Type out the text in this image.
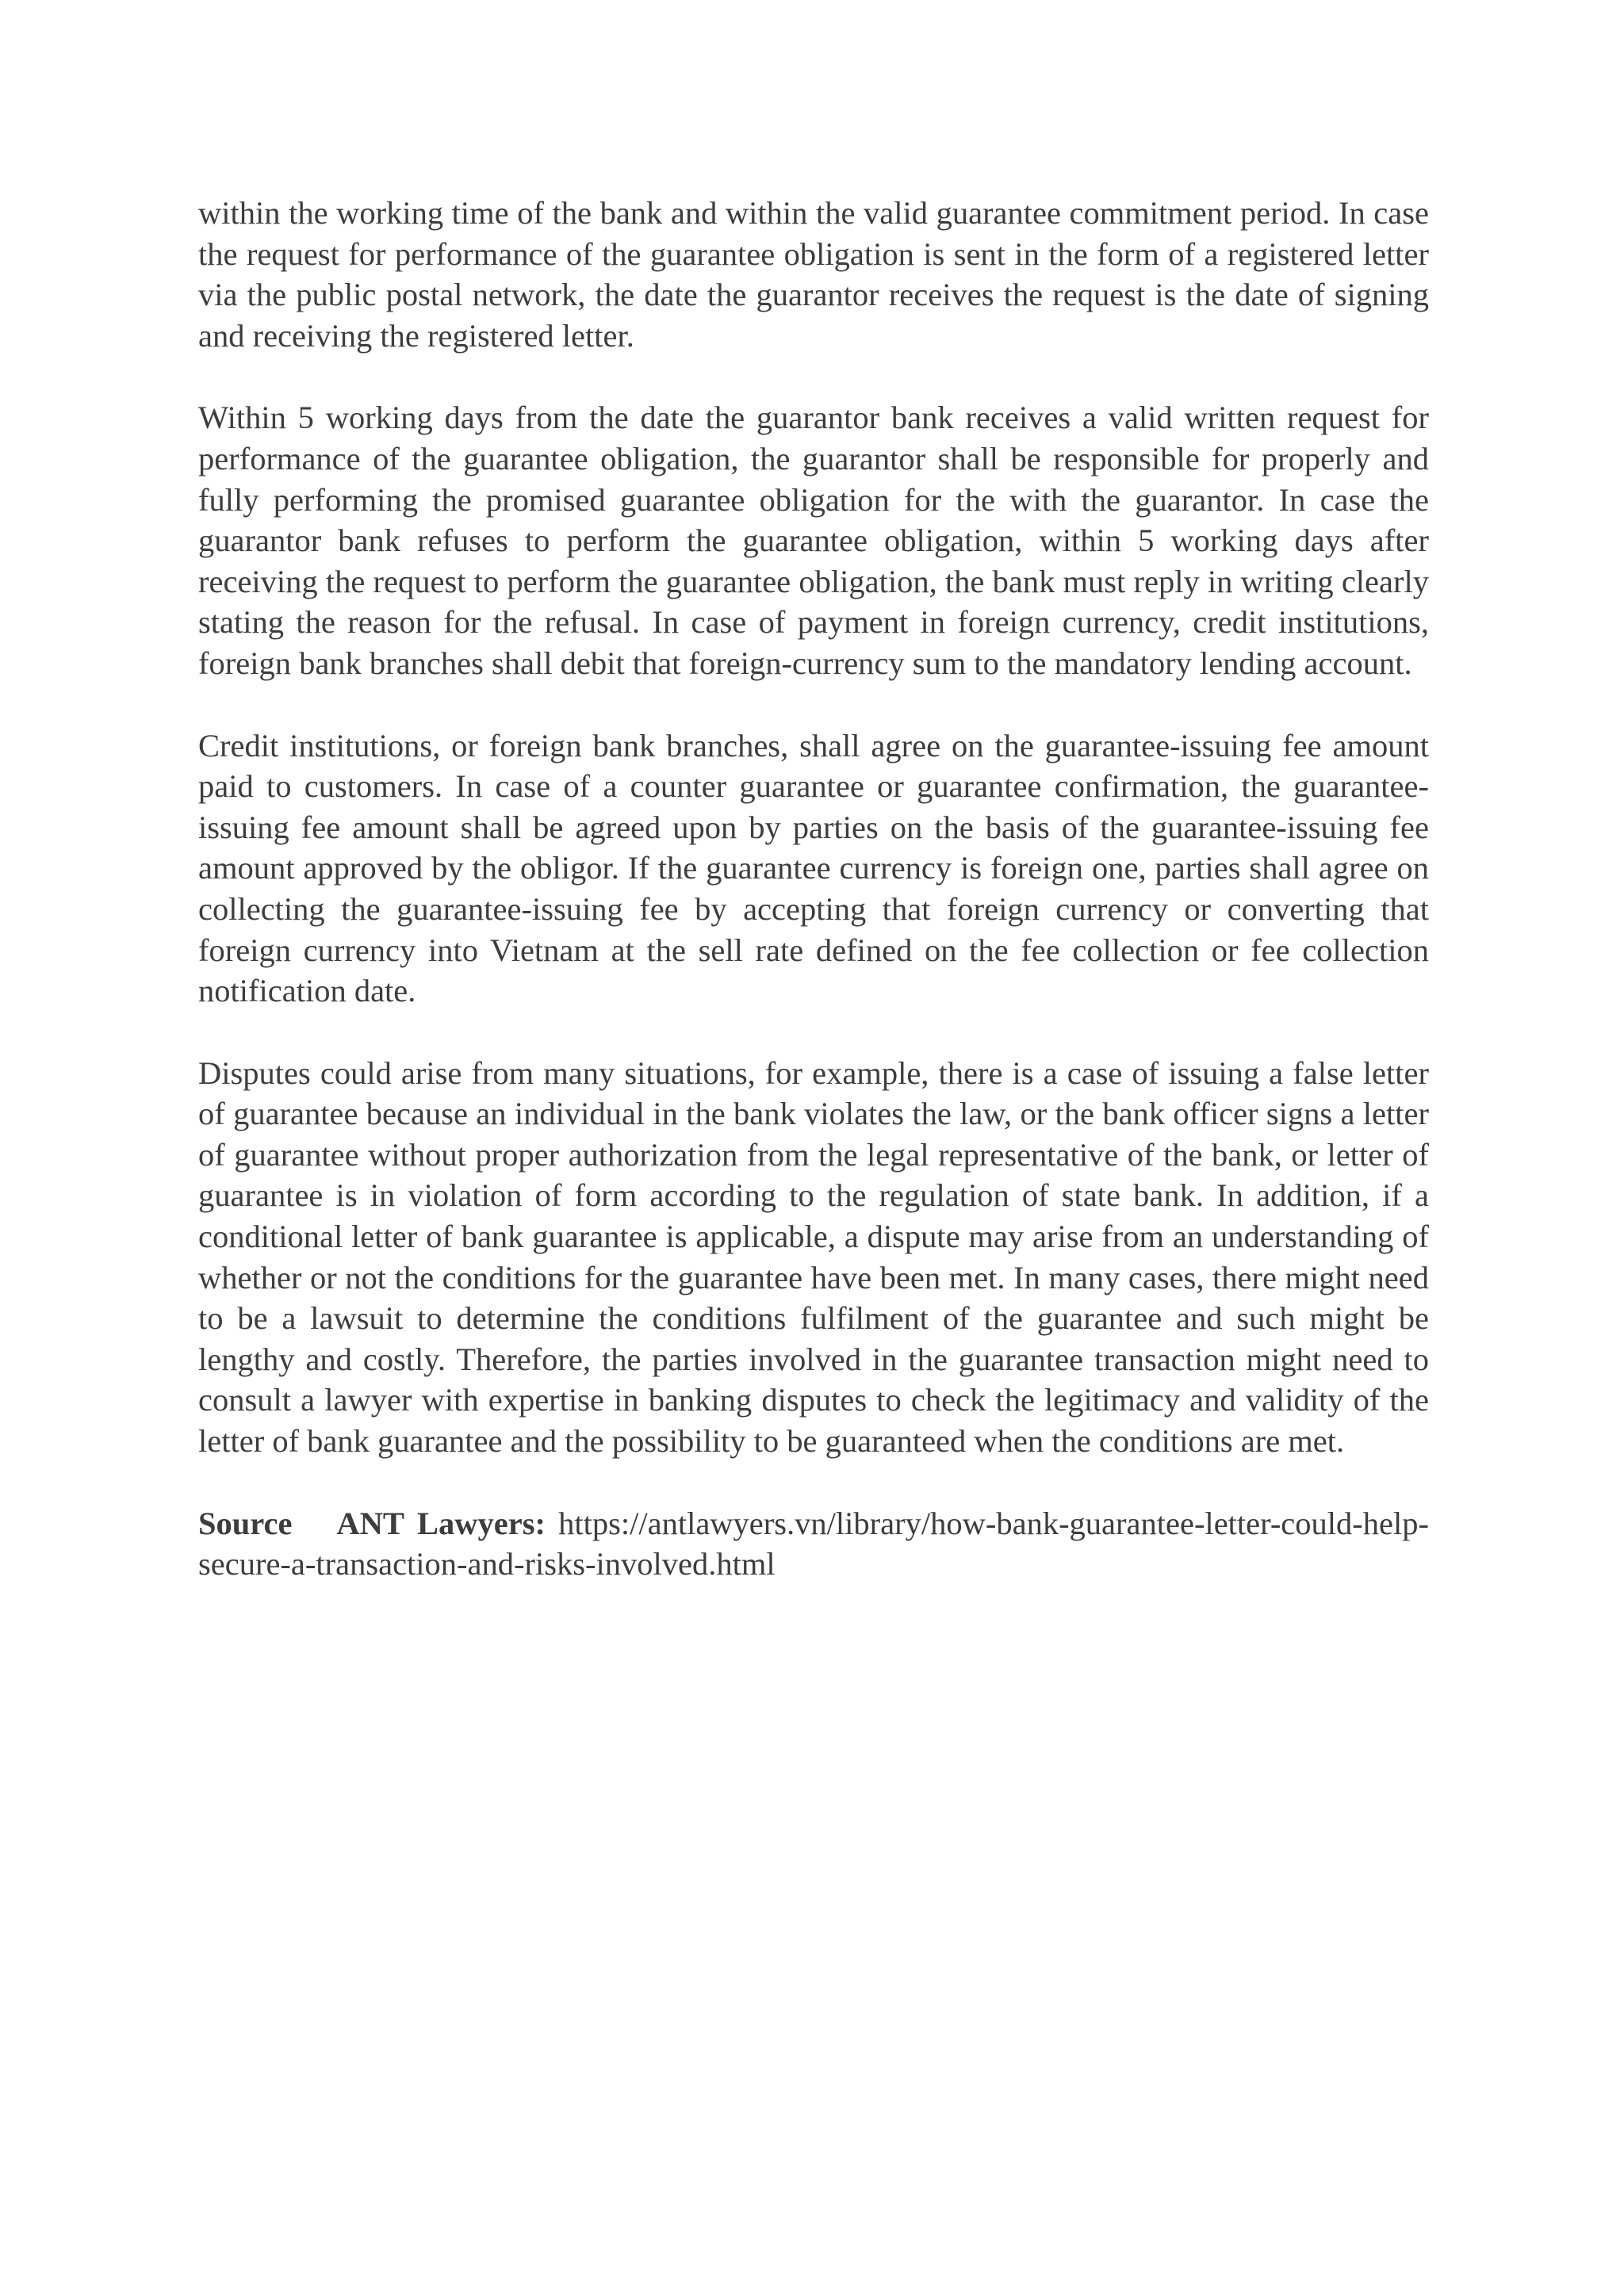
within the working time of the bank and within the valid guarantee commitment period. In case the request for performance of the guarantee obligation is sent in the form of a registered letter via the public postal network, the date the guarantor receives the request is the date of signing and receiving the registered letter.

Within 5 working days from the date the guarantor bank receives a valid written request for performance of the guarantee obligation, the guarantor shall be responsible for properly and fully performing the promised guarantee obligation for the with the guarantor. In case the guarantor bank refuses to perform the guarantee obligation, within 5 working days after receiving the request to perform the guarantee obligation, the bank must reply in writing clearly stating the reason for the refusal. In case of payment in foreign currency, credit institutions, foreign bank branches shall debit that foreign-currency sum to the mandatory lending account.

Credit institutions, or foreign bank branches, shall agree on the guarantee-issuing fee amount paid to customers. In case of a counter guarantee or guarantee confirmation, the guarantee-issuing fee amount shall be agreed upon by parties on the basis of the guarantee-issuing fee amount approved by the obligor. If the guarantee currency is foreign one, parties shall agree on collecting the guarantee-issuing fee by accepting that foreign currency or converting that foreign currency into Vietnam at the sell rate defined on the fee collection or fee collection notification date.

Disputes could arise from many situations, for example, there is a case of issuing a false letter of guarantee because an individual in the bank violates the law, or the bank officer signs a letter of guarantee without proper authorization from the legal representative of the bank, or letter of guarantee is in violation of form according to the regulation of state bank. In addition, if a conditional letter of bank guarantee is applicable, a dispute may arise from an understanding of whether or not the conditions for the guarantee have been met. In many cases, there might need to be a lawsuit to determine the conditions fulfilment of the guarantee and such might be lengthy and costly. Therefore, the parties involved in the guarantee transaction might need to consult a lawyer with expertise in banking disputes to check the legitimacy and validity of the letter of bank guarantee and the possibility to be guaranteed when the conditions are met.

Source ANT Lawyers: https://antlawyers.vn/library/how-bank-guarantee-letter-could-help-secure-a-transaction-and-risks-involved.html
